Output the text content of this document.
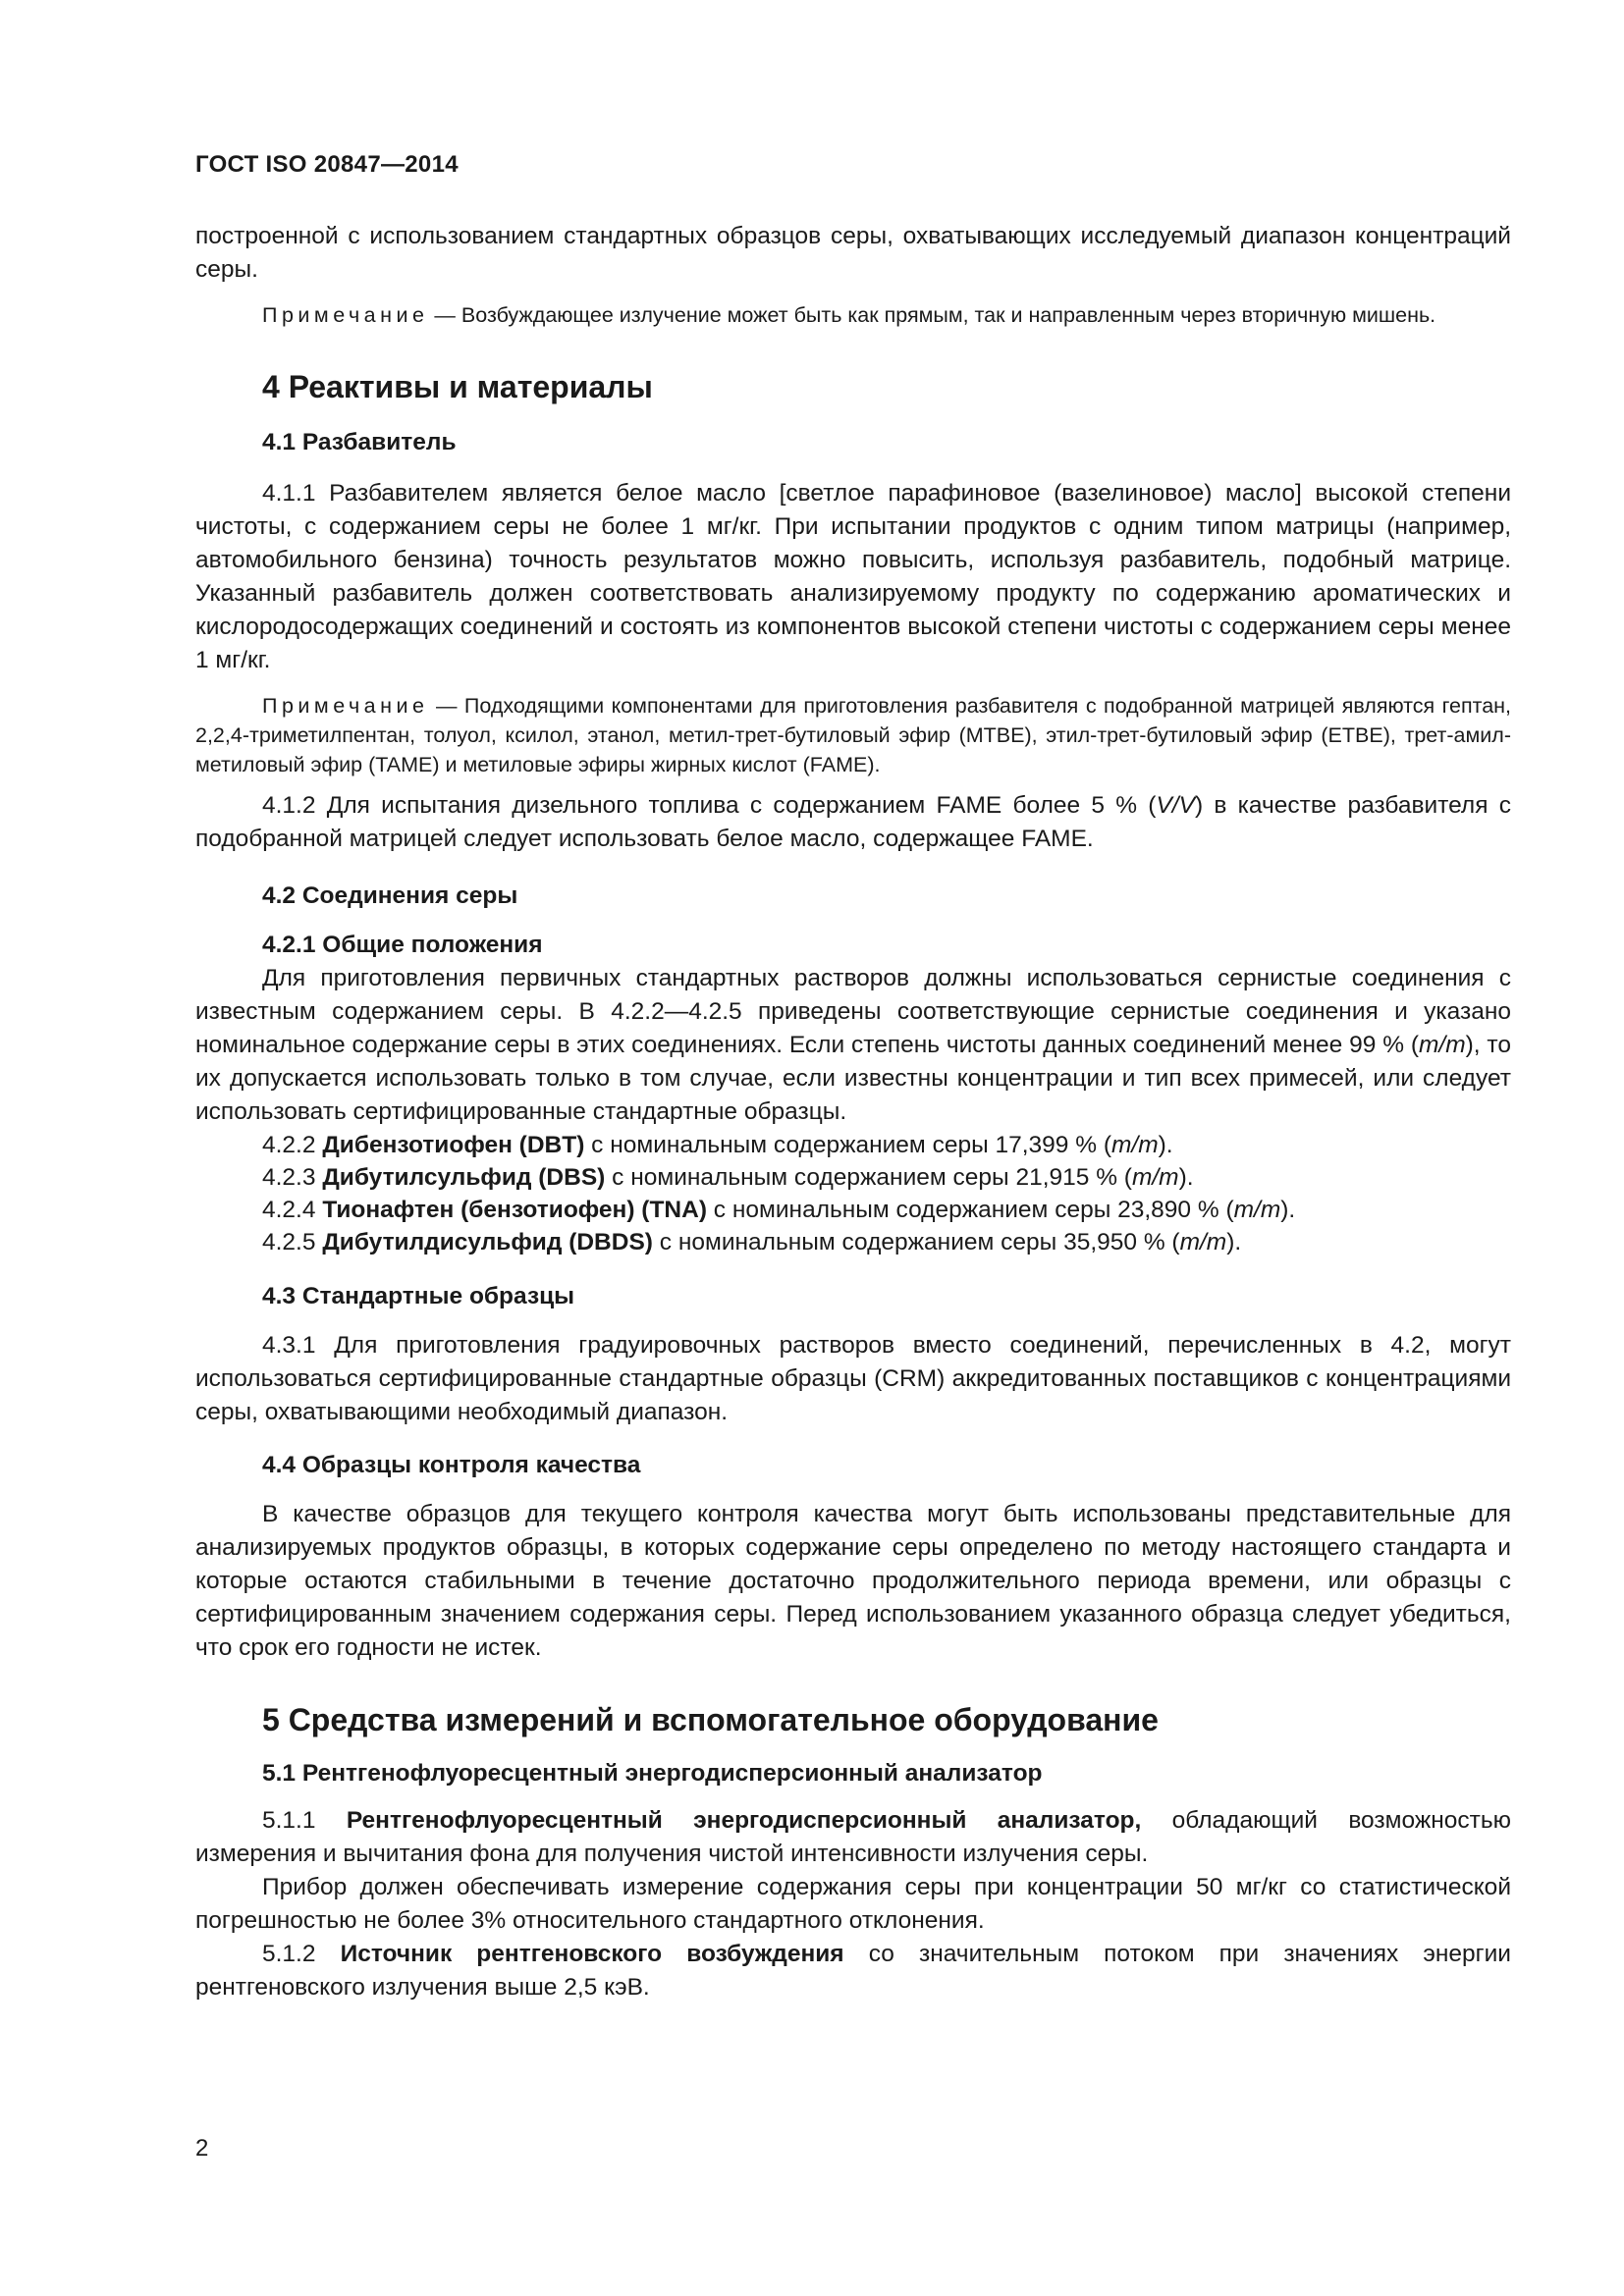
ГОСТ ISO 20847—2014

построенной с использованием стандартных образцов серы, охватывающих исследуемый диапазон концентраций серы.

Примечание — Возбуждающее излучение может быть как прямым, так и направленным через вторичную мишень.

4 Реактивы и материалы
4.1 Разбавитель

4.1.1 Разбавителем является белое масло [светлое парафиновое (вазелиновое) масло] высокой степени чистоты, с содержанием серы не более 1 мг/кг. При испытании продуктов с одним типом матрицы (например, автомобильного бензина) точность результатов можно повысить, используя разбавитель, подобный матрице. Указанный разбавитель должен соответствовать анализируемому продукту по содержанию ароматических и кислородосодержащих соединений и состоять из компонентов высокой степени чистоты с содержанием серы менее 1 мг/кг.

Примечание — Подходящими компонентами для приготовления разбавителя с подобранной матрицей являются гептан, 2,2,4-триметилпентан, толуол, ксилол, этанол, метил-трет-бутиловый эфир (MTBE), этил-трет-бутиловый эфир (ETBE), трет-амил-метиловый эфир (TAME) и метиловые эфиры жирных кислот (FAME).

4.1.2 Для испытания дизельного топлива с содержанием FAME более 5 % (V/V) в качестве разбавителя с подобранной матрицей следует использовать белое масло, содержащее FAME.

4.2 Соединения серы
4.2.1 Общие положения

Для приготовления первичных стандартных растворов должны использоваться сернистые соединения с известным содержанием серы. В 4.2.2—4.2.5 приведены соответствующие сернистые соединения и указано номинальное содержание серы в этих соединениях. Если степень чистоты данных соединений менее 99 % (m/m), то их допускается использовать только в том случае, если известны концентрации и тип всех примесей, или следует использовать сертифицированные стандартные образцы.

4.2.2 Дибензотиофен (DBT) с номинальным содержанием серы 17,399 % (m/m).

4.2.3 Дибутилсульфид (DBS) с номинальным содержанием серы 21,915 % (m/m).

4.2.4 Тионафтен (бензотиофен) (TNA) с номинальным содержанием серы 23,890 % (m/m).

4.2.5 Дибутилдисульфид (DBDS) с номинальным содержанием серы 35,950 % (m/m).

4.3 Стандартные образцы

4.3.1 Для приготовления градуировочных растворов вместо соединений, перечисленных в 4.2, могут использоваться сертифицированные стандартные образцы (CRM) аккредитованных поставщиков с концентрациями серы, охватывающими необходимый диапазон.

4.4 Образцы контроля качества

В качестве образцов для текущего контроля качества могут быть использованы представительные для анализируемых продуктов образцы, в которых содержание серы определено по методу настоящего стандарта и которые остаются стабильными в течение достаточно продолжительного периода времени, или образцы с сертифицированным значением содержания серы. Перед использованием указанного образца следует убедиться, что срок его годности не истек.

5 Средства измерений и вспомогательное оборудование
5.1 Рентгенофлуоресцентный энергодисперсионный анализатор

5.1.1 Рентгенофлуоресцентный энергодисперсионный анализатор, обладающий возможностью измерения и вычитания фона для получения чистой интенсивности излучения серы.

Прибор должен обеспечивать измерение содержания серы при концентрации 50 мг/кг со статистической погрешностью не более 3% относительного стандартного отклонения.

5.1.2 Источник рентгеновского возбуждения со значительным потоком при значениях энергии рентгеновского излучения выше 2,5 кэВ.

2
